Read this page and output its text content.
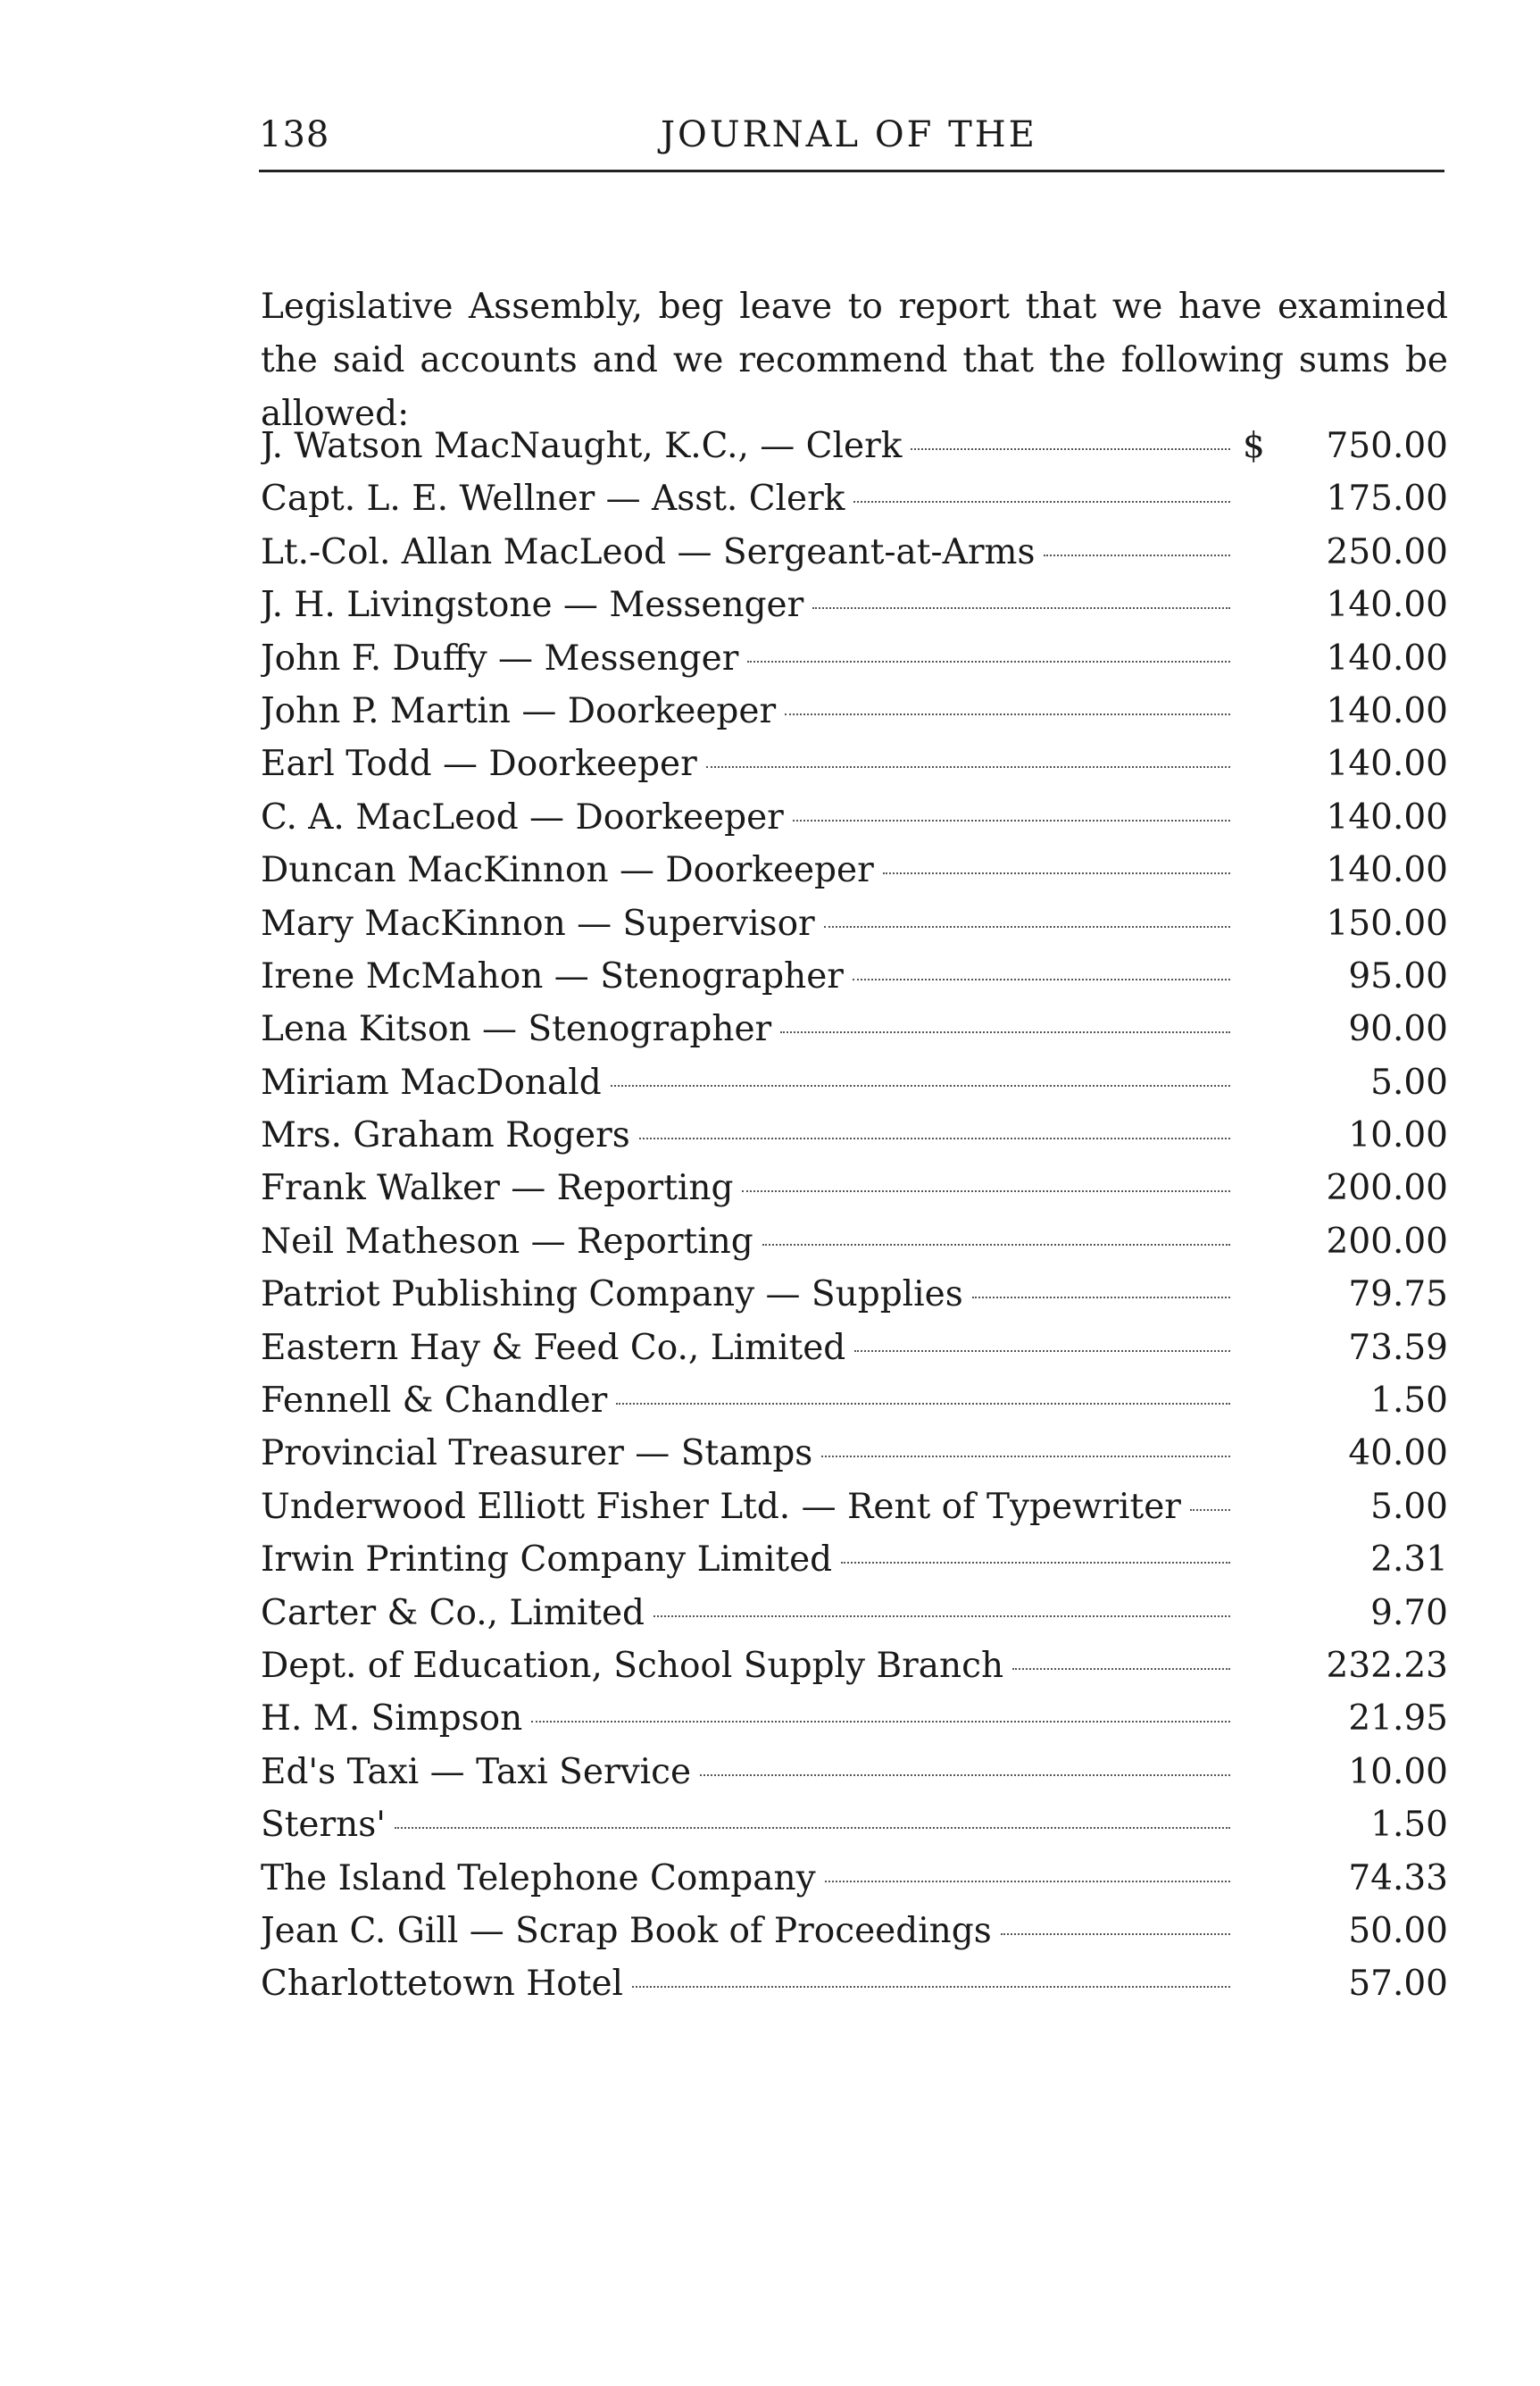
138	JOURNAL OF THE

Legislative Assembly, beg leave to report that we have examined the said accounts and we recommend that the following sums be allowed:

J. Watson MacNaught, K.C., — Clerk	$	750.00
Capt. L. E. Wellner — Asst. Clerk	175.00
Lt.-Col. Allan MacLeod — Sergeant-at-Arms	250.00
J. H. Livingstone — Messenger	140.00
John F. Duffy — Messenger	140.00
John P. Martin — Doorkeeper	140.00
Earl Todd — Doorkeeper	140.00
C. A. MacLeod — Doorkeeper	140.00
Duncan MacKinnon — Doorkeeper	140.00
Mary MacKinnon — Supervisor	150.00
Irene McMahon — Stenographer	95.00
Lena Kitson — Stenographer	90.00
Miriam MacDonald	5.00
Mrs. Graham Rogers	10.00
Frank Walker — Reporting	200.00
Neil Matheson — Reporting	200.00
Patriot Publishing Company — Supplies	79.75
Eastern Hay & Feed Co., Limited	73.59
Fennell & Chandler	1.50
Provincial Treasurer — Stamps	40.00
Underwood Elliott Fisher Ltd. — Rent of Typewriter	5.00
Irwin Printing Company Limited	2.31
Carter & Co., Limited	9.70
Dept. of Education, School Supply Branch	232.23
H. M. Simpson	21.95
Ed's Taxi — Taxi Service	10.00
Sterns'	1.50
The Island Telephone Company	74.33
Jean C. Gill — Scrap Book of Proceedings	50.00
Charlottetown Hotel	57.00
